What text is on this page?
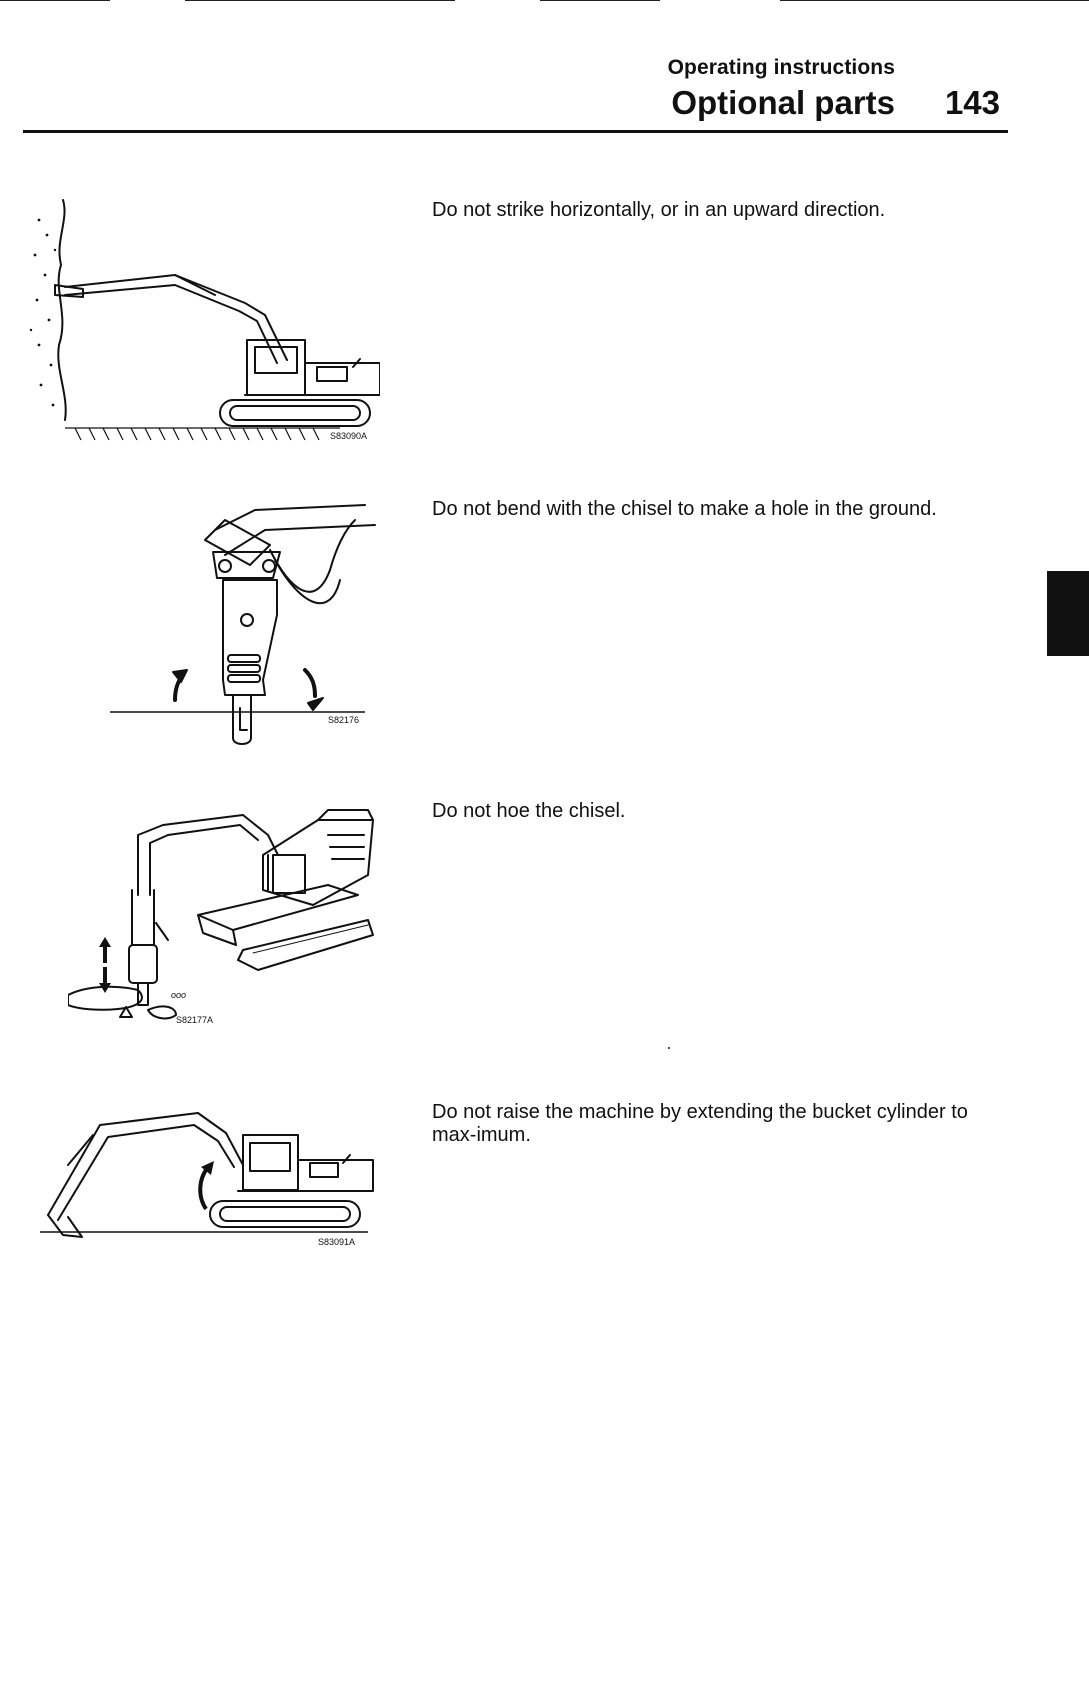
Operating instructions
Optional parts	143
S83090A
Do not strike horizontally, or in an upward direction.
S82176
Do not bend with the chisel to make a hole in the ground.
ooo
S82177A
Do not hoe the chisel.
S83091A
Do not raise the machine by extending the bucket cylinder to max-imum.
